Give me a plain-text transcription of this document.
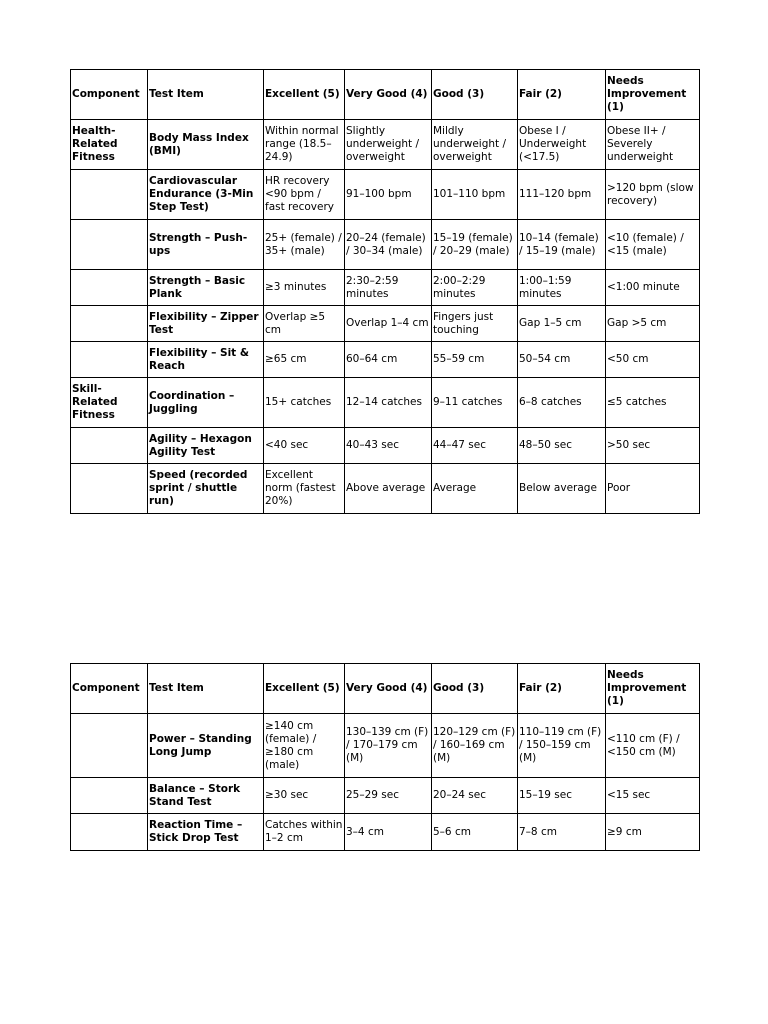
Component	Test Item	Excellent (5)	Very Good (4)	Good (3)	Fair (2)	Needs Improvement (1)
Health-Related Fitness	Body Mass Index (BMI)	Within normal range (18.5–24.9)	Slightly underweight / overweight	Mildly underweight / overweight	Obese I / Underweight (<17.5)	Obese II+ / Severely underweight
	Cardiovascular Endurance (3-Min Step Test)	HR recovery <90 bpm / fast recovery	91–100 bpm	101–110 bpm	111–120 bpm	>120 bpm (slow recovery)
	Strength – Push-ups	25+ (female) / 35+ (male)	20–24 (female) / 30–34 (male)	15–19 (female) / 20–29 (male)	10–14 (female) / 15–19 (male)	<10 (female) / <15 (male)
	Strength – Basic Plank	≥3 minutes	2:30–2:59 minutes	2:00–2:29 minutes	1:00–1:59 minutes	<1:00 minute
	Flexibility – Zipper Test	Overlap ≥5 cm	Overlap 1–4 cm	Fingers just touching	Gap 1–5 cm	Gap >5 cm
	Flexibility – Sit & Reach	≥65 cm	60–64 cm	55–59 cm	50–54 cm	<50 cm
Skill-Related Fitness	Coordination – Juggling	15+ catches	12–14 catches	9–11 catches	6–8 catches	≤5 catches
	Agility – Hexagon Agility Test	<40 sec	40–43 sec	44–47 sec	48–50 sec	>50 sec
	Speed (recorded sprint / shuttle run)	Excellent norm (fastest 20%)	Above average	Average	Below average	Poor
Component	Test Item	Excellent (5)	Very Good (4)	Good (3)	Fair (2)	Needs Improvement (1)
	Power – Standing Long Jump	≥140 cm (female) / ≥180 cm (male)	130–139 cm (F) / 170–179 cm (M)	120–129 cm (F) / 160–169 cm (M)	110–119 cm (F) / 150–159 cm (M)	<110 cm (F) / <150 cm (M)
	Balance – Stork Stand Test	≥30 sec	25–29 sec	20–24 sec	15–19 sec	<15 sec
	Reaction Time – Stick Drop Test	Catches within 1–2 cm	3–4 cm	5–6 cm	7–8 cm	≥9 cm
